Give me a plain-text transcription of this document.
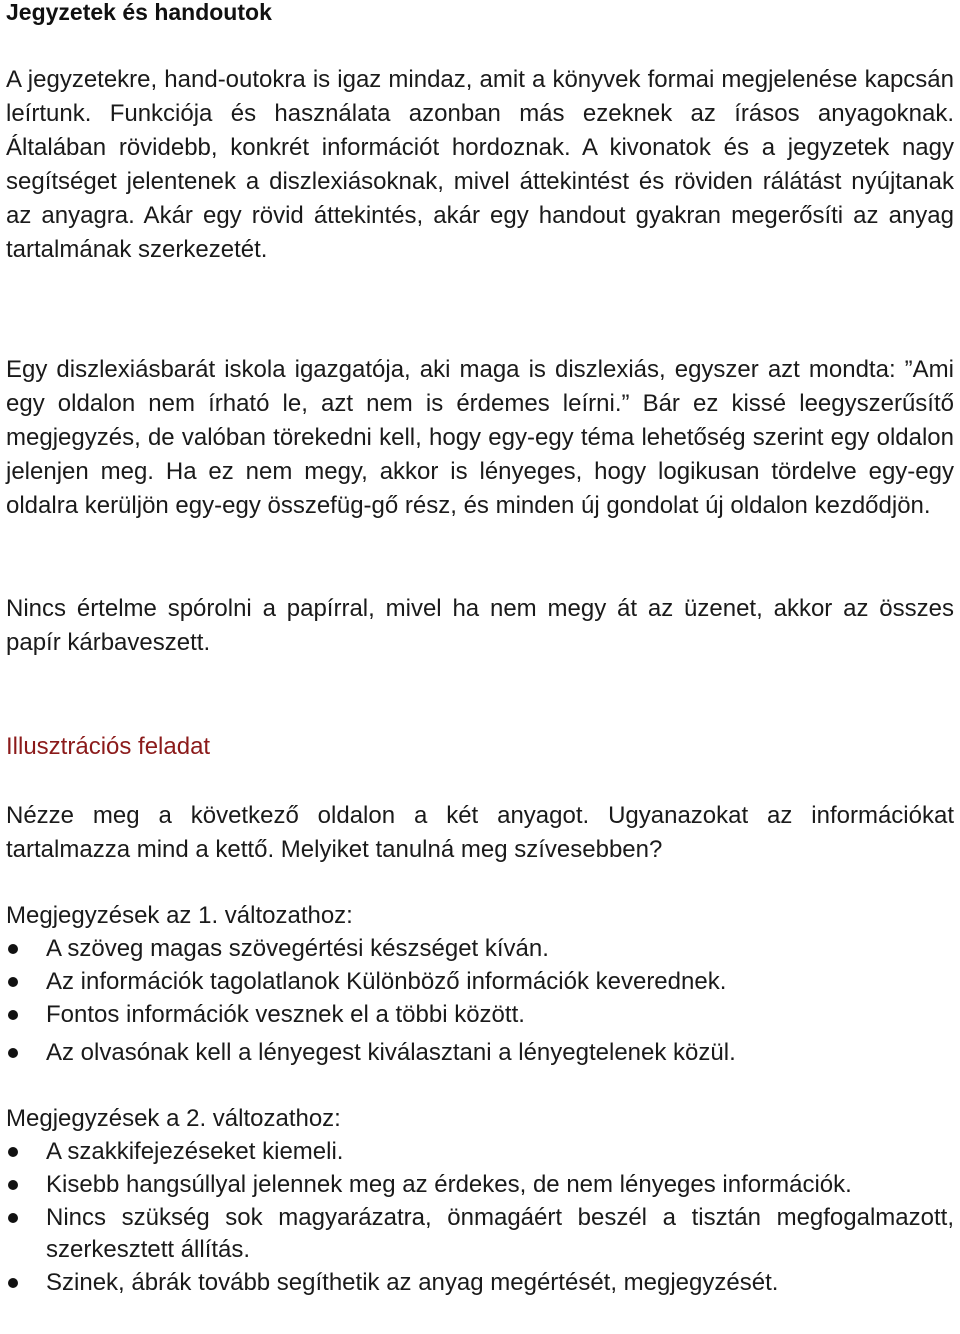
Jegyzetek és handoutok

A jegyzetekre, hand-outokra is igaz mindaz, amit a könyvek formai megjelenése kapcsán leírtunk. Funkciója és használata azonban más ezeknek az írásos anyagoknak. Általában rövidebb, konkrét információt hordoznak. A kivonatok és a jegyzetek nagy segítséget jelentenek a diszlexiásoknak, mivel áttekintést és röviden rálátást nyújtanak az anyagra. Akár egy rövid áttekintés, akár egy handout gyakran megerősíti az anyag tartalmának szerkezetét.

Egy diszlexiásbarát iskola igazgatója, aki maga is diszlexiás, egyszer azt mondta: ”Ami egy oldalon nem írható le, azt nem is érdemes leírni.” Bár ez kissé leegyszerűsítő megjegyzés, de valóban törekedni kell, hogy egy-egy téma lehetőség szerint egy oldalon jelenjen meg. Ha ez nem megy, akkor is lényeges, hogy logikusan tördelve egy-egy oldalra kerüljön egy-egy összefüg-gő rész, és minden új gondolat új oldalon kezdődjön.

Nincs értelme spórolni a papírral, mivel ha nem megy át az üzenet, akkor az összes papír kárbaveszett.

Illusztrációs feladat

Nézze meg a következő oldalon a két anyagot. Ugyanazokat az információkat tartalmazza mind a kettő. Melyiket tanulná meg szívesebben?

Megjegyzések az 1. változathoz:

A szöveg magas szövegértési készséget kíván.
Az információk tagolatlanok Különböző információk keverednek.
Fontos információk vesznek el a többi között.
Az olvasónak kell a lényegest kiválasztani a lényegtelenek közül.

Megjegyzések a 2. változathoz:

A szakkifejezéseket kiemeli.
Kisebb hangsúllyal jelennek meg az érdekes, de nem lényeges információk.
Nincs szükség sok magyarázatra, önmagáért beszél a tisztán megfogalmazott, szerkesztett állítás.
Szinek, ábrák tovább segíthetik az anyag megértését, megjegyzését.
